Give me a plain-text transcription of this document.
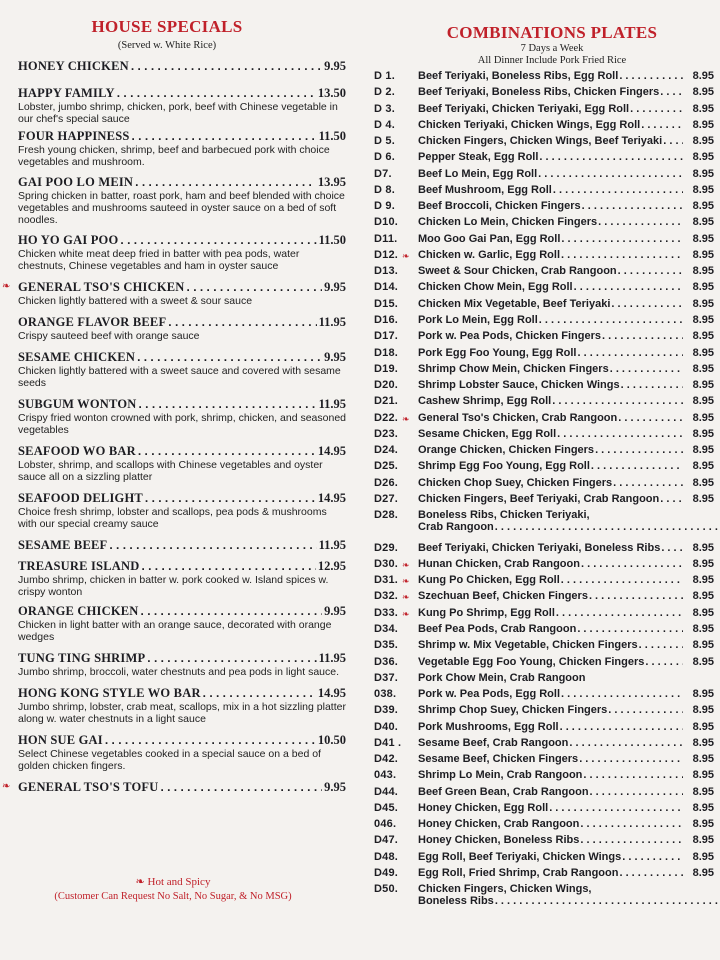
HOUSE SPECIALS
(Served w. White Rice)
HONEY CHICKEN . . .	9.95
HAPPY FAMILY . . .	13.50
Lobster, jumbo shrimp, chicken, pork, beef with Chinese vegetable in our chef's special sauce
FOUR HAPPINESS . . .	11.50
Fresh young chicken, shrimp, beef and barbecued pork with choice vegetables and mushroom.
GAI POO LO MEIN . . .	13.95
Spring chicken in batter, roast pork, ham and beef blended with choice vegetables and mushrooms sauteed in oyster sauce on a bed of soft noodles.
HO YO GAI POO . . .	11.50
Chicken white meat deep fried in batter with pea pods, water chestnuts, Chinese vegetables and ham in oyster sauce
❧ GENERAL TSO'S CHICKEN . . .	9.95
Chicken lightly battered with a sweet & sour sauce
ORANGE FLAVOR BEEF . . .	11.95
Crispy sauteed beef with orange sauce
SESAME CHICKEN . . .	9.95
Chicken lightly battered with a sweet sauce and covered with sesame seeds
SUBGUM WONTON . . .	11.95
Crispy fried wonton crowned with pork, shrimp, chicken, and seasoned vegetables
SEAFOOD WO BAR . . .	14.95
Lobster, shrimp, and scallops with Chinese vegetables and oyster sauce all on a sizzling platter
SEAFOOD DELIGHT . . .	14.95
Choice fresh shrimp, lobster and scallops, pea pods & mushrooms with our special creamy sauce
SESAME BEEF . . .	11.95
TREASURE ISLAND . . .	12.95
Jumbo shrimp, chicken in batter w. pork cooked w. Island spices w. crispy wonton
ORANGE CHICKEN . . .	9.95
Chicken in light batter with an orange sauce, decorated with orange wedges
TUNG TING SHRIMP . . .	11.95
Jumbo shrimp, broccoli, water chestnuts and pea pods in light sauce.
HONG KONG STYLE WO BAR . . .	14.95
Jumbo shrimp, lobster, crab meat, scallops, mix in a hot sizzling platter along w. water chestnuts in a light sauce
HON SUE GAI . . .	10.50
Select Chinese vegetables cooked in a special sauce on a bed of golden chicken fingers.
❧ GENERAL TSO'S TOFU . . .	9.95
COMBINATIONS PLATES
7 Days a Week
All Dinner Include Pork Fried Rice
D 1.	Beef Teriyaki, Boneless Ribs, Egg Roll . . .	8.95
D 2.	Beef Teriyaki, Boneless Ribs, Chicken Fingers . . .	8.95
D 3.	Beef Teriyaki, Chicken Teriyaki, Egg Roll . . .	8.95
D 4.	Chicken Teriyaki, Chicken Wings, Egg Roll . . .	8.95
D 5.	Chicken Fingers, Chicken Wings, Beef Teriyaki . . .	8.95
D 6.	Pepper Steak, Egg Roll . . .	8.95
D7.	Beef Lo Mein, Egg Roll . . .	8.95
D 8.	Beef Mushroom, Egg Roll . . .	8.95
D 9.	Beef Broccoli, Chicken Fingers . . .	8.95
D10.	Chicken Lo Mein, Chicken Fingers . . .	8.95
D11.	Moo Goo Gai Pan, Egg Roll . . .	8.95
❧
D12.	Chicken w. Garlic, Egg Roll . . .	8.95
D13.	Sweet & Sour Chicken, Crab Rangoon . . .	8.95
D14.	Chicken Chow Mein, Egg Roll . . .	8.95
D15.	Chicken Mix Vegetable, Beef Teriyaki . . .	8.95
D16.	Pork Lo Mein, Egg Roll . . .	8.95
D17.	Pork w. Pea Pods, Chicken Fingers . . .	8.95
D18.	Pork Egg Foo Young, Egg Roll . . .	8.95
D19.	Shrimp Chow Mein, Chicken Fingers . . .	8.95
D20.	Shrimp Lobster Sauce, Chicken Wings . . .	8.95
D21.	Cashew Shrimp, Egg Roll . . .	8.95
❧
D22.	General Tso's Chicken, Crab Rangoon . . .	8.95
D23.	Sesame Chicken, Egg Roll . . .	8.95
D24.	Orange Chicken, Chicken Fingers . . .	8.95
D25.	Shrimp Egg Foo Young, Egg Roll . . .	8.95
D26.	Chicken Chop Suey, Chicken Fingers . . .	8.95
D27.	Chicken Fingers, Beef Teriyaki, Crab Rangoon . . .	8.95
D28.	Boneless Ribs, Chicken Teriyaki,
Crab Rangoon
. . .
D29.	Beef Teriyaki, Chicken Teriyaki, Boneless Ribs . . .	8.95
❧
D30.	Hunan Chicken, Crab Rangoon . . .	8.95
❧
D31.	Kung Po Chicken, Egg Roll . . .	8.95
❧
D32.	Szechuan Beef, Chicken Fingers . . .	8.95
❧
D33.	Kung Po Shrimp, Egg Roll . . .	8.95
D34.	Beef Pea Pods, Crab Rangoon . . .	8.95
D35.	Shrimp w. Mix Vegetable, Chicken Fingers . . .	8.95
D36.	Vegetable Egg Foo Young, Chicken Fingers . . .	8.95
D37.	Pork Chow Mein, Crab Rangoon
038.	Pork w. Pea Pods, Egg Roll . . .	8.95
D39.	Shrimp Chop Suey, Chicken Fingers . . .	8.95
D40.	Pork Mushrooms, Egg Roll . . .	8.95
D41 .	Sesame Beef, Crab Rangoon . . .	8.95
D42.	Sesame Beef, Chicken Fingers . . .	8.95
043.	Shrimp Lo Mein, Crab Rangoon . . .	8.95
D44.	Beef Green Bean, Crab Rangoon . . .	8.95
D45.	Honey Chicken, Egg Roll . . .	8.95
046.	Honey Chicken, Crab Rangoon . . .	8.95
D47.	Honey Chicken, Boneless Ribs . . .	8.95
D48.	Egg Roll, Beef Teriyaki, Chicken Wings . . .	8.95
D49.	Egg Roll, Fried Shrimp, Crab Rangoon . . .	8.95
D50.	Chicken Fingers, Chicken Wings,
Boneless Ribs
. . .
❧ Hot and Spicy
(Customer Can Request No Salt, No Sugar, & No MSG)
